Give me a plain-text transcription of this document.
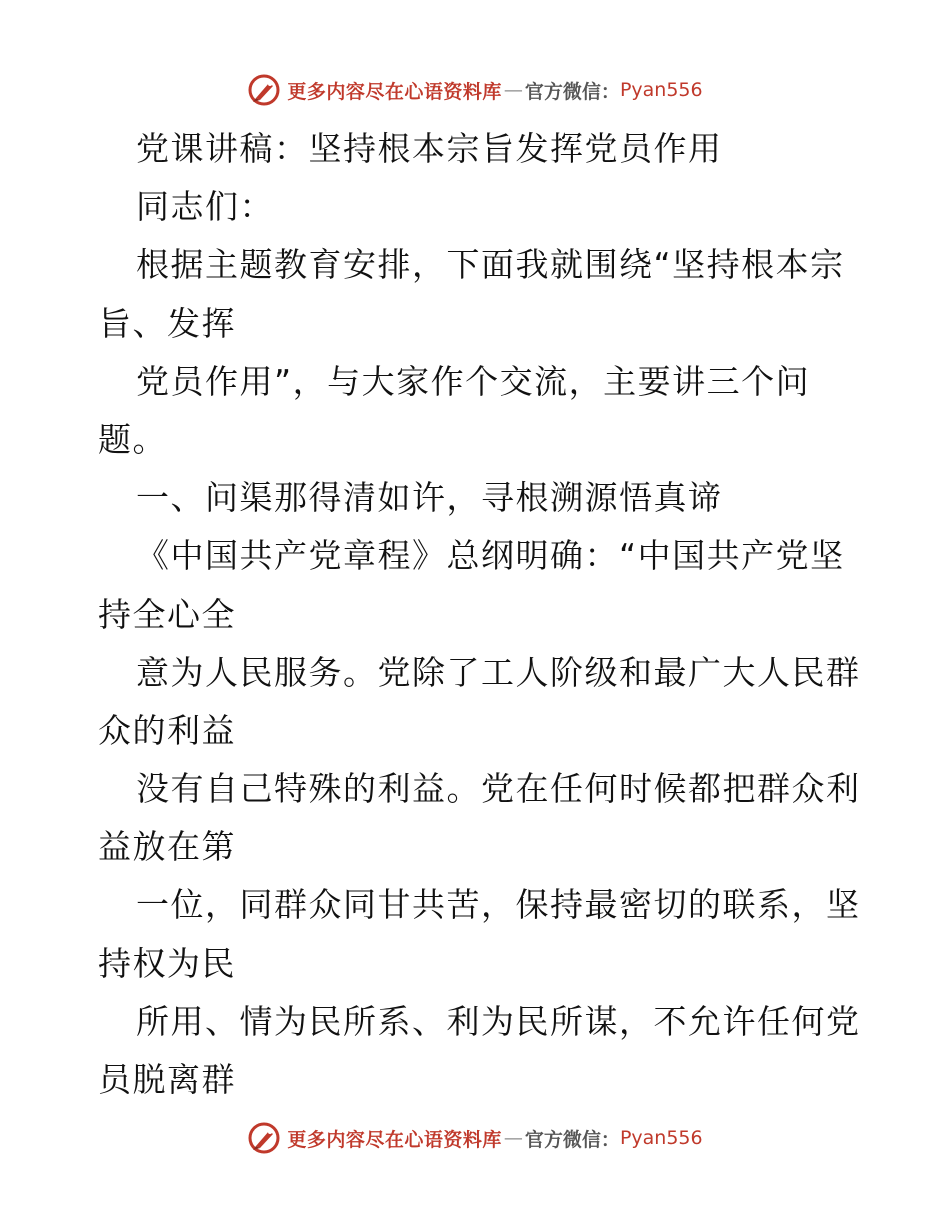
更多内容尽在心语资料库 — 官方微信： Pyan556
党课讲稿：坚持根本宗旨发挥党员作用
同志们：
根据主题教育安排，下面我就围绕“坚持根本宗
旨、发挥
党员作用”，与大家作个交流，主要讲三个问
题。
一、问渠那得清如许，寻根溯源悟真谛
《中国共产党章程》总纲明确：“中国共产党坚
持全心全
意为人民服务。党除了工人阶级和最广大人民群
众的利益
没有自己特殊的利益。党在任何时候都把群众利
益放在第
一位，同群众同甘共苦，保持最密切的联系，坚
持权为民
所用、情为民所系、利为民所谋，不允许任何党
员脱离群
更多内容尽在心语资料库 — 官方微信： Pyan556
